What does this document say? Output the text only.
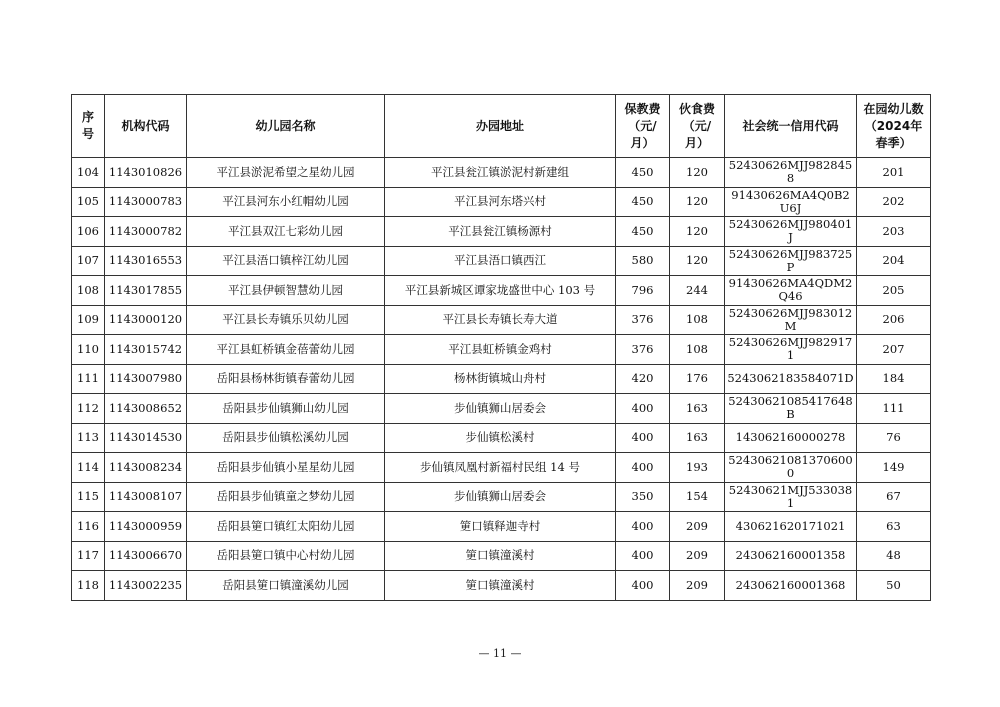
序号	机构代码	幼儿园名称	办园地址	保教费（元/月）	伙食费（元/月）	社会统一信用代码	在园幼儿数（2024年春季）
104	1143010826	平江县淤泥希望之星幼儿园	平江县瓮江镇淤泥村新建组	450	120	52430626MJJ9828458	201
105	1143000783	平江县河东小红帽幼儿园	平江县河东塔兴村	450	120	91430626MA4Q0B2U6J	202
106	1143000782	平江县双江七彩幼儿园	平江县瓮江镇杨源村	450	120	52430626MJJ980401J	203
107	1143016553	平江县浯口镇梓江幼儿园	平江县浯口镇西江	580	120	52430626MJJ983725P	204
108	1143017855	平江县伊顿智慧幼儿园	平江县新城区谭家垅盛世中心 103 号	796	244	91430626MA4QDM2Q46	205
109	1143000120	平江县长寿镇乐贝幼儿园	平江县长寿镇长寿大道	376	108	52430626MJJ983012M	206
110	1143015742	平江县虹桥镇金蓓蕾幼儿园	平江县虹桥镇金鸡村	376	108	52430626MJJ9829171	207
111	1143007980	岳阳县杨林街镇春蕾幼儿园	杨林街镇城山舟村	420	176	5243062183584071D	184
112	1143008652	岳阳县步仙镇狮山幼儿园	步仙镇狮山居委会	400	163	52430621085417648B	111
113	1143014530	岳阳县步仙镇松溪幼儿园	步仙镇松溪村	400	163	143062160000278	76
114	1143008234	岳阳县步仙镇小星星幼儿园	步仙镇凤凰村新福村民组 14 号	400	193	524306210813706000	149
115	1143008107	岳阳县步仙镇童之梦幼儿园	步仙镇狮山居委会	350	154	52430621MJJ5330381	67
116	1143000959	岳阳县筻口镇红太阳幼儿园	筻口镇释迦寺村	400	209	430621620171021	63
117	1143006670	岳阳县筻口镇中心村幼儿园	筻口镇潼溪村	400	209	243062160001358	48
118	1143002235	岳阳县筻口镇潼溪幼儿园	筻口镇潼溪村	400	209	243062160001368	50
— 11 —
